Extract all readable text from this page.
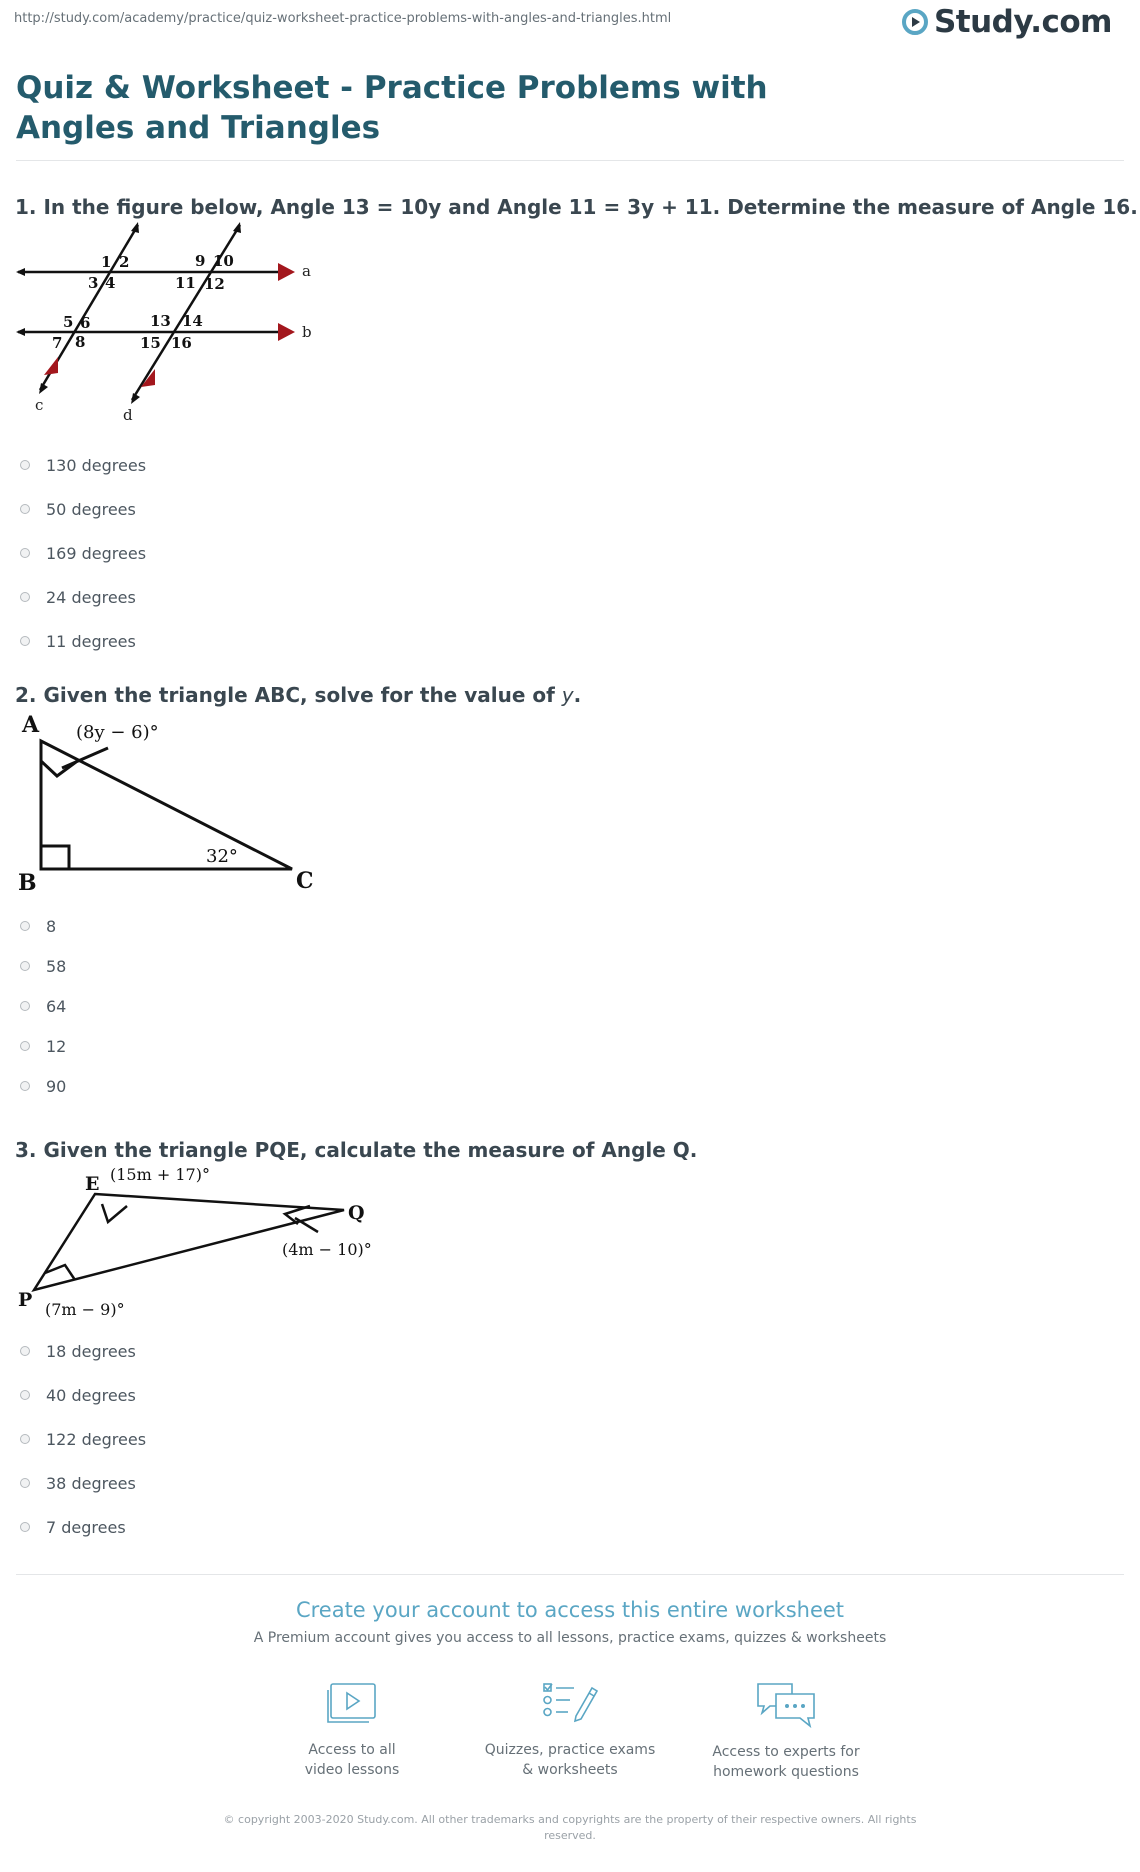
http://study.com/academy/practice/quiz-worksheet-practice-problems-with-angles-and-triangles.html	Study.com
Quiz & Worksheet - Practice Problems with Angles and Triangles

1. In the figure below, Angle 13 = 10y and Angle 11 = 3y + 11. Determine the measure of Angle 16.

1 2
3 4
9 10
11 12
5 6
7 8
13 14
15 16
a
b
c
d
130 degrees
50 degrees
169 degrees
24 degrees
11 degrees

2. Given the triangle ABC, solve for the value of y.

A
B	C
(8y − 6)°
32°
8
58
64
12
90

3. Given the triangle PQE, calculate the measure of Angle Q.

E
Q
P
(15m + 17)°
(4m − 10)°
(7m − 9)°
18 degrees
40 degrees
122 degrees
38 degrees
7 degrees
Create your account to access this entire worksheet
A Premium account gives you access to all lessons, practice exams, quizzes & worksheets
Access to all
video lessons
Quizzes, practice exams
& worksheets
Access to experts for
homework questions
© copyright 2003-2020 Study.com. All other trademarks and copyrights are the property of their respective owners. All rights reserved.
